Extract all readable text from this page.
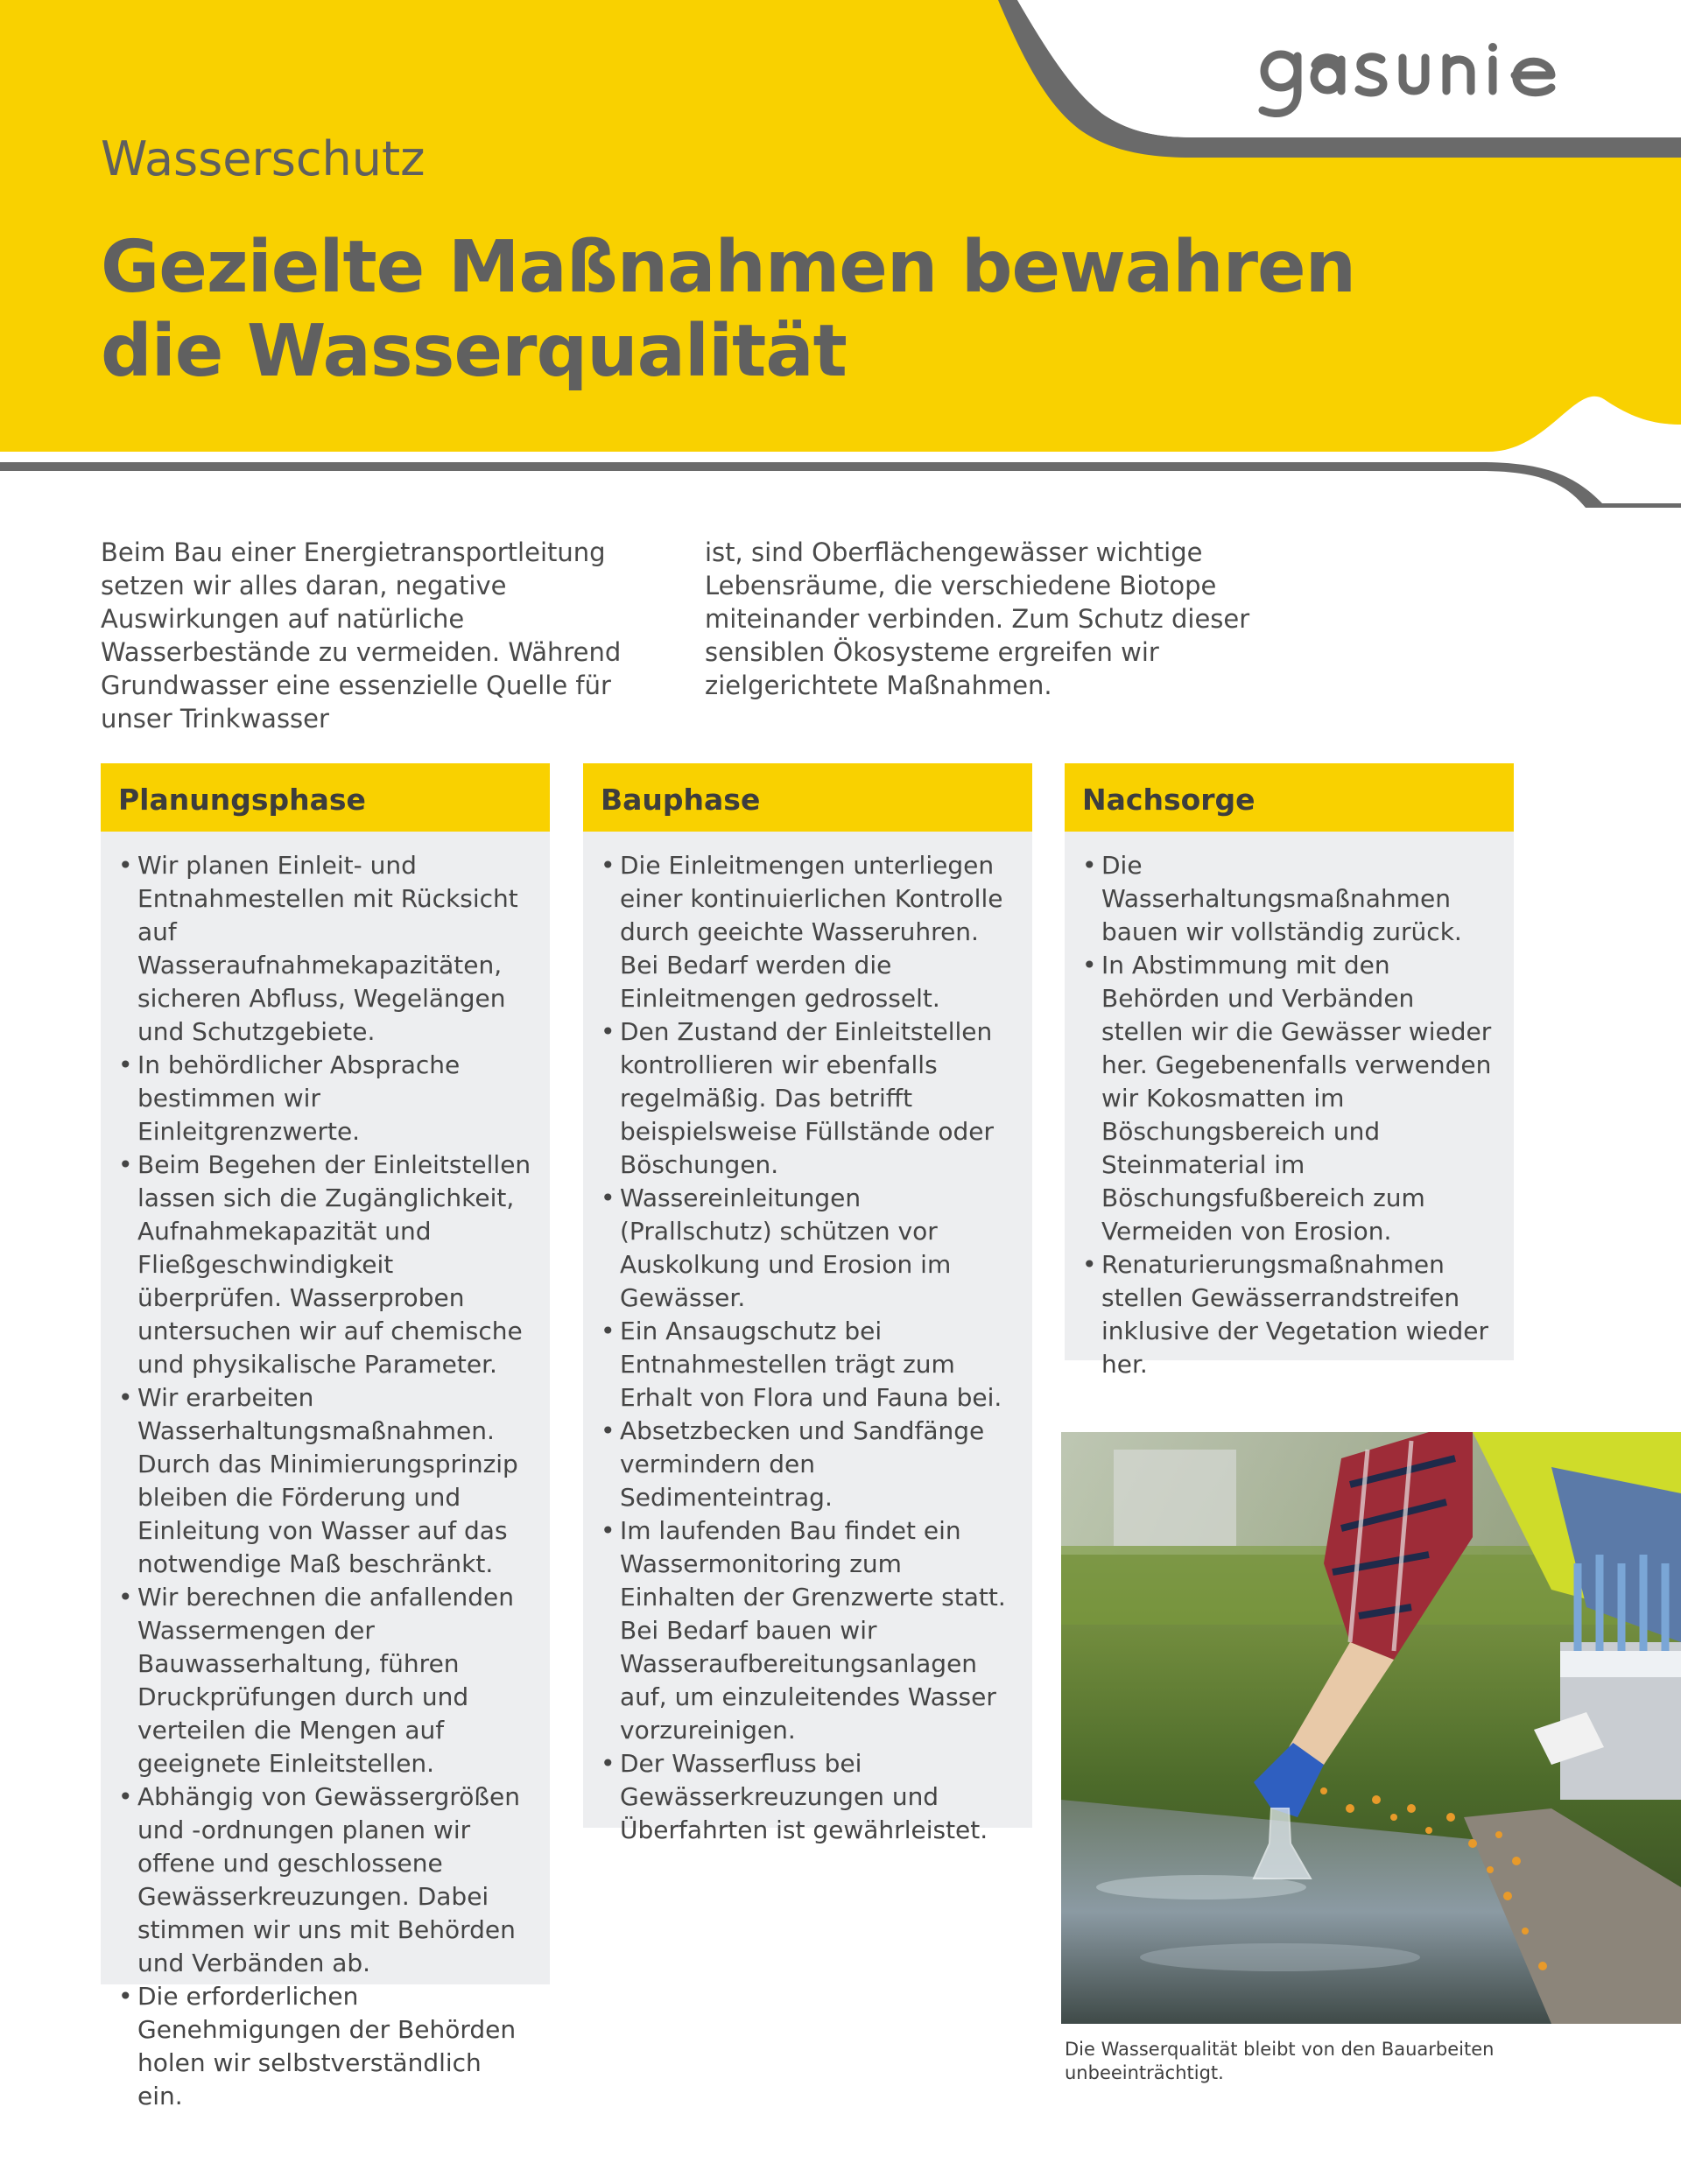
Wasserschutz
Gezielte Maßnahmen bewahren
die Wasserqualität

Beim Bau einer Energietransportleitung setzen wir alles daran, negative Auswirkungen auf natürliche Wasserbestände zu vermeiden. Während Grundwasser eine essenzielle Quelle für unser Trinkwasser

ist, sind Oberflächengewässer wichtige Lebensräume, die verschiedene Biotope miteinander verbinden. Zum Schutz dieser sensiblen Ökosysteme ergreifen wir zielgerichtete Maßnahmen.

Planungsphase
• Wir planen Einleit- und Entnahmestellen mit Rücksicht auf Wasseraufnahmekapazitäten, sicheren Abfluss, Wegelängen und Schutzgebiete.
• In behördlicher Absprache bestimmen wir Einleitgrenzwerte.
• Beim Begehen der Einleitstellen lassen sich die Zugänglichkeit, Aufnahmekapazität und Fließgeschwindigkeit überprüfen. Wasserproben untersuchen wir auf chemische und physikalische Parameter.
• Wir erarbeiten Wasserhaltungsmaßnahmen. Durch das Minimierungsprinzip bleiben die Förderung und Einleitung von Wasser auf das notwendige Maß beschränkt.
• Wir berechnen die anfallenden Wassermengen der Bauwasserhaltung, führen Druckprüfungen durch und verteilen die Mengen auf geeignete Einleitstellen.
• Abhängig von Gewässergrößen und -ordnungen planen wir offene und geschlossene Gewässerkreuzungen. Dabei stimmen wir uns mit Behörden und Verbänden ab.
• Die erforderlichen Genehmigungen der Behörden holen wir selbstverständlich ein.
Bauphase
• Die Einleitmengen unterliegen einer kontinuierlichen Kontrolle durch geeichte Wasseruhren. Bei Bedarf werden die Einleitmengen gedrosselt.
• Den Zustand der Einleitstellen kontrollieren wir ebenfalls regelmäßig. Das betrifft beispielsweise Füllstände oder Böschungen.
• Wassereinleitungen (Prallschutz) schützen vor Auskolkung und Erosion im Gewässer.
• Ein Ansaugschutz bei Entnahmestellen trägt zum Erhalt von Flora und Fauna bei.
• Absetzbecken und Sandfänge vermindern den Sedimenteintrag.
• Im laufenden Bau findet ein Wassermonitoring zum Einhalten der Grenzwerte statt. Bei Bedarf bauen wir Wasseraufbereitungsanlagen auf, um einzuleitendes Wasser vorzureinigen.
• Der Wasserfluss bei Gewässerkreuzungen und Überfahrten ist gewährleistet.
Nachsorge
• Die Wasserhaltungsmaßnahmen bauen wir vollständig zurück.
• In Abstimmung mit den Behörden und Verbänden stellen wir die Gewässer wieder her. Gegebenenfalls verwenden wir Kokosmatten im Böschungsbereich und Steinmaterial im Böschungsfußbereich zum Vermeiden von Erosion.
• Renaturierungsmaßnahmen stellen Gewässerrandstreifen inklusive der Vegetation wieder her.

Die Wasserqualität bleibt von den Bauarbeiten unbeeinträchtigt.
